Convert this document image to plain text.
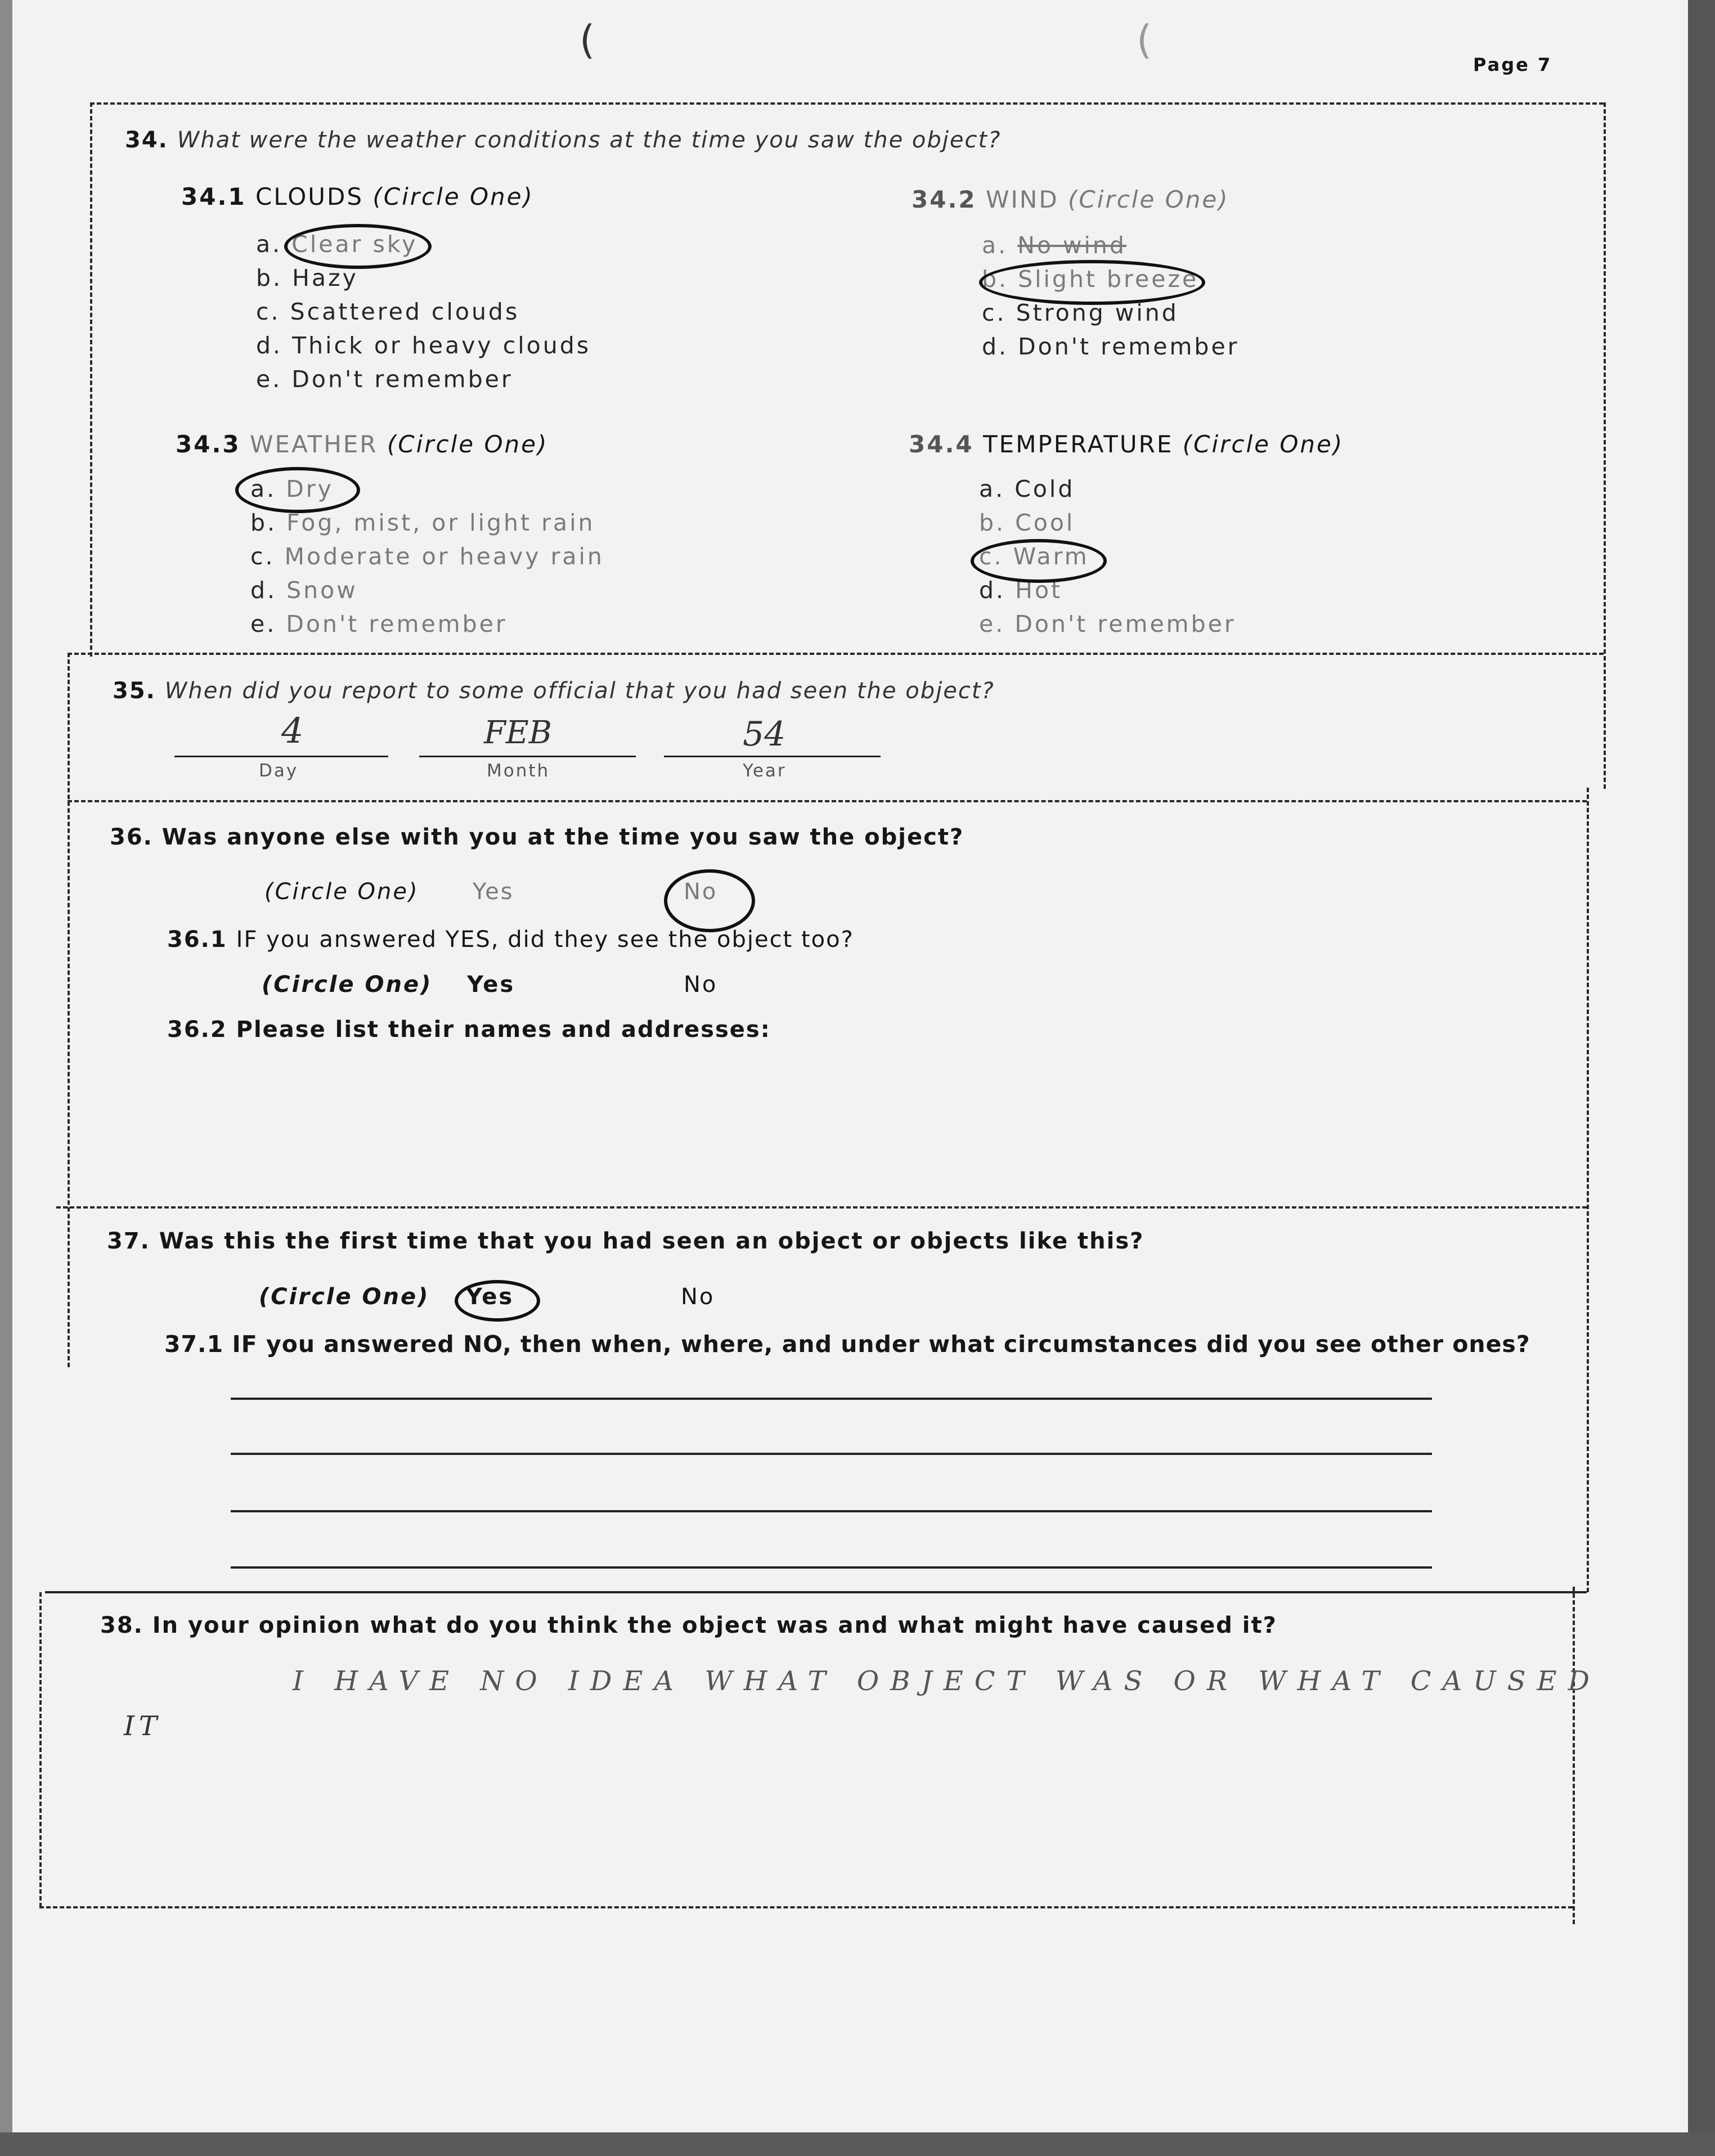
(	(
Page 7
34. What were the weather conditions at the time you saw the object?
34.1 CLOUDS (Circle One)
a. Clear sky
b. Hazy
c. Scattered clouds
d. Thick or heavy clouds
e. Don't remember
34.2 WIND (Circle One)
a. No wind
b. Slight breeze
c. Strong wind
d. Don't remember
34.3 WEATHER (Circle One)
a. Dry
b. Fog, mist, or light rain
c. Moderate or heavy rain
d. Snow
e. Don't remember
34.4 TEMPERATURE (Circle One)
a. Cold
b. Cool
c. Warm
d. Hot
e. Don't remember
35. When did you report to some official that you had seen the object?
4	FEB	54
Day	Month	Year
36. Was anyone else with you at the time you saw the object?
(Circle One) Yes	No
36.1 IF you answered YES, did they see the object too?
(Circle One) Yes	No
36.2 Please list their names and addresses:
37. Was this the first time that you had seen an object or objects like this?
(Circle One) Yes	No
37.1 IF you answered NO, then when, where, and under what circumstances did you see other ones?
38. In your opinion what do you think the object was and what might have caused it?
I HAVE NO IDEA WHAT OBJECT WAS OR WHAT CAUSED
IT
